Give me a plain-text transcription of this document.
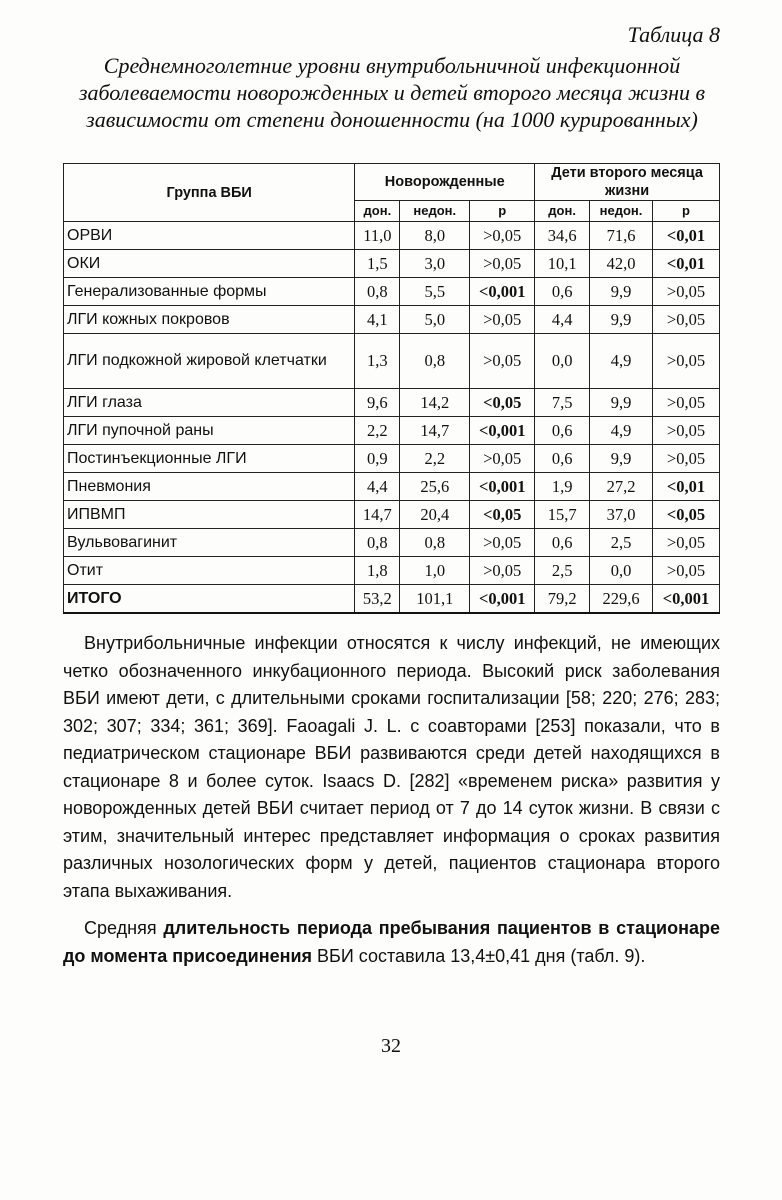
Таблица 8
Среднемноголетние уровни внутрибольничной инфекционной заболеваемости новорожденных и детей второго месяца жизни в зависимости от степени доношенности (на 1000 курированных)
Группа ВБИ	Новорожденные			Дети второго месяца жизни		
	дон.	недон.	p	дон.	недон.	p
ОРВИ	11,0	8,0	>0,05	34,6	71,6	<0,01
ОКИ	1,5	3,0	>0,05	10,1	42,0	<0,01
Генерализованные формы	0,8	5,5	<0,001	0,6	9,9	>0,05
ЛГИ кожных покровов	4,1	5,0	>0,05	4,4	9,9	>0,05
ЛГИ подкожной жировой клетчатки	1,3	0,8	>0,05	0,0	4,9	>0,05
ЛГИ глаза	9,6	14,2	<0,05	7,5	9,9	>0,05
ЛГИ пупочной раны	2,2	14,7	<0,001	0,6	4,9	>0,05
Постинъекционные ЛГИ	0,9	2,2	>0,05	0,6	9,9	>0,05
Пневмония	4,4	25,6	<0,001	1,9	27,2	<0,01
ИПВМП	14,7	20,4	<0,05	15,7	37,0	<0,05
Вульвовагинит	0,8	0,8	>0,05	0,6	2,5	>0,05
Отит	1,8	1,0	>0,05	2,5	0,0	>0,05
ИТОГО	53,2	101,1	<0,001	79,2	229,6	<0,001

Внутрибольничные инфекции относятся к числу инфекций, не имеющих четко обозначенного инкубационного периода. Высокий риск заболевания ВБИ имеют дети, с длительными сроками госпитализации [58; 220; 276; 283; 302; 307; 334; 361; 369]. Faoagali J. L. с соавторами [253] показали, что в педиатрическом стационаре ВБИ развиваются среди детей находящихся в стационаре 8 и более суток. Isaacs D. [282] «временем риска» развития у новорожденных детей ВБИ считает период от 7 до 14 суток жизни. В связи с этим, значительный интерес представляет информация о сроках развития различных нозологических форм у детей, пациентов стационара второго этапа выхаживания.

Средняя длительность периода пребывания пациентов в стационаре до момента присоединения ВБИ составила 13,4±0,41 дня (табл. 9).

32
